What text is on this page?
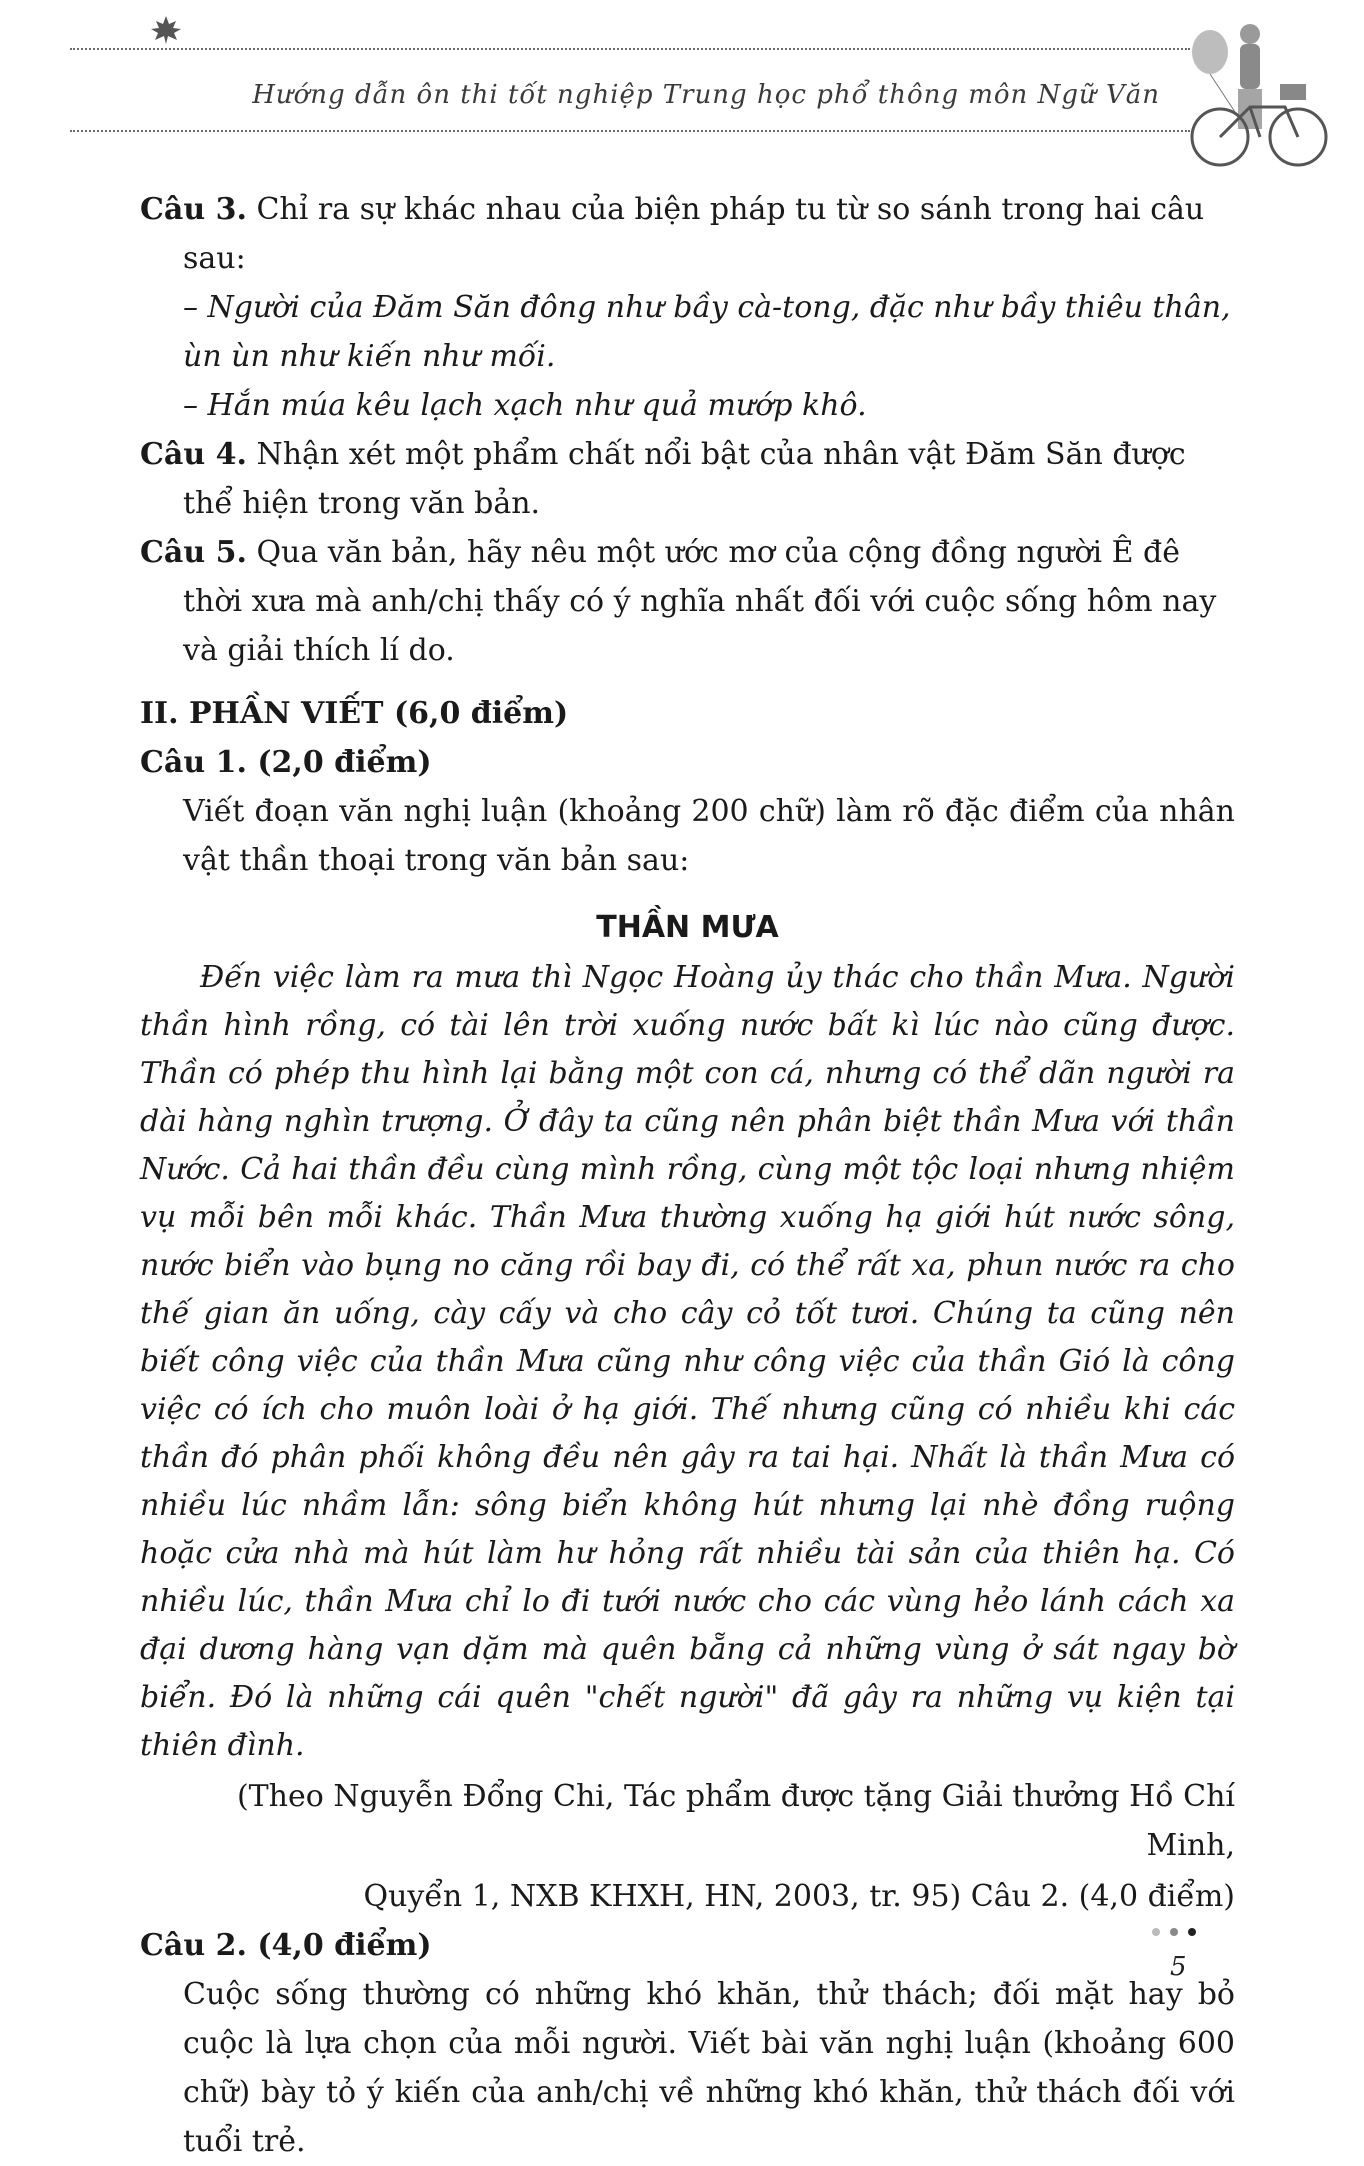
Hướng dẫn ôn thi tốt nghiệp Trung học phổ thông môn Ngữ Văn
Câu 3. Chỉ ra sự khác nhau của biện pháp tu từ so sánh trong hai câu sau:
– Người của Đăm Săn đông như bầy cà-tong, đặc như bầy thiêu thân, ùn ùn như kiến như mối.
– Hắn múa kêu lạch xạch như quả mướp khô.
Câu 4. Nhận xét một phẩm chất nổi bật của nhân vật Đăm Săn được thể hiện trong văn bản.
Câu 5. Qua văn bản, hãy nêu một ước mơ của cộng đồng người Ê đê thời xưa mà anh/chị thấy có ý nghĩa nhất đối với cuộc sống hôm nay và giải thích lí do.
II. PHẦN VIẾT (6,0 điểm)
Câu 1. (2,0 điểm)
Viết đoạn văn nghị luận (khoảng 200 chữ) làm rõ đặc điểm của nhân vật thần thoại trong văn bản sau:
THẦN MƯA

Đến việc làm ra mưa thì Ngọc Hoàng ủy thác cho thần Mưa. Người thần hình rồng, có tài lên trời xuống nước bất kì lúc nào cũng được. Thần có phép thu hình lại bằng một con cá, nhưng có thể dãn người ra dài hàng nghìn trượng. Ở đây ta cũng nên phân biệt thần Mưa với thần Nước. Cả hai thần đều cùng mình rồng, cùng một tộc loại nhưng nhiệm vụ mỗi bên mỗi khác. Thần Mưa thường xuống hạ giới hút nước sông, nước biển vào bụng no căng rồi bay đi, có thể rất xa, phun nước ra cho thế gian ăn uống, cày cấy và cho cây cỏ tốt tươi. Chúng ta cũng nên biết công việc của thần Mưa cũng như công việc của thần Gió là công việc có ích cho muôn loài ở hạ giới. Thế nhưng cũng có nhiều khi các thần đó phân phối không đều nên gây ra tai hại. Nhất là thần Mưa có nhiều lúc nhầm lẫn: sông biển không hút nhưng lại nhè đồng ruộng hoặc cửa nhà mà hút làm hư hỏng rất nhiều tài sản của thiên hạ. Có nhiều lúc, thần Mưa chỉ lo đi tưới nước cho các vùng hẻo lánh cách xa đại dương hàng vạn dặm mà quên bẵng cả những vùng ở sát ngay bờ biển. Đó là những cái quên "chết người" đã gây ra những vụ kiện tại thiên đình.

(Theo Nguyễn Đổng Chi, Tác phẩm được tặng Giải thưởng Hồ Chí Minh,
Quyển 1, NXB KHXH, HN, 2003, tr. 95) Câu 2. (4,0 điểm)
Câu 2. (4,0 điểm)
Cuộc sống thường có những khó khăn, thử thách; đối mặt hay bỏ cuộc là lựa chọn của mỗi người. Viết bài văn nghị luận (khoảng 600 chữ) bày tỏ ý kiến của anh/chị về những khó khăn, thử thách đối với tuổi trẻ.
5
